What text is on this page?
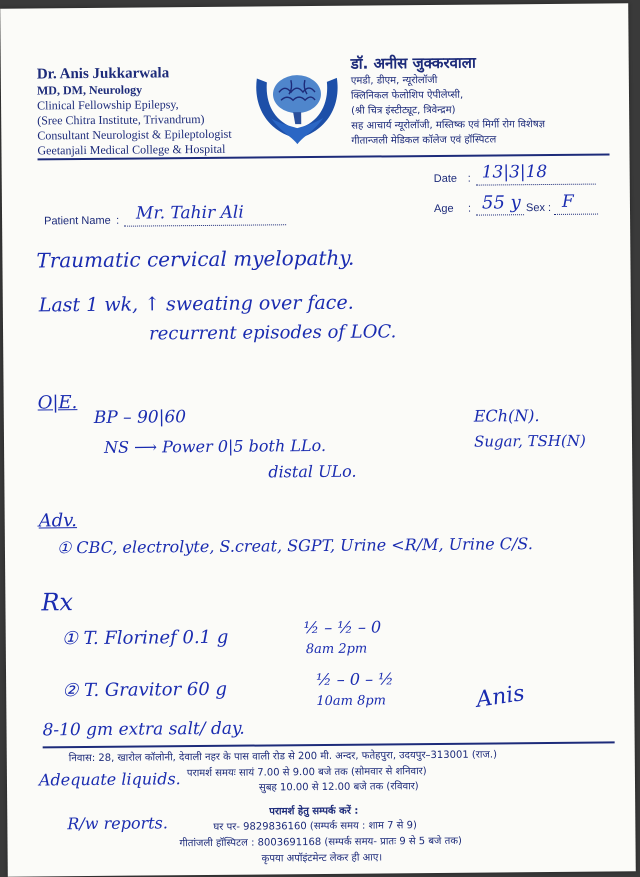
Dr. Anis Jukkarwala
MD, DM, Neurology
Clinical Fellowship Epilepsy,
(Sree Chitra Institute, Trivandrum)
Consultant Neurologist & Epileptologist
Geetanjali Medical College & Hospital
डॉ. अनीस जुक्करवाला
एमडी, डीएम, न्यूरोलॉजी
क्लिनिकल फेलोशिप ऐपीलेप्सी,
(श्री चित्र इंस्टीट्यूट, त्रिवेन्द्रम)
सह आचार्य न्यूरोलॉजी, मस्तिष्क एवं मिर्गी रोग विशेषज्ञ
गीतान्जली मेडिकल कॉलेज एवं हॉस्पिटल
Date : 13|3|18
Patient Name : Mr. Tahir Ali	Age : 55 y Sex : F
Traumatic cervical myelopathy.
Last 1 wk, ↑ sweating over face.
recurrent episodes of LOC.
O|E.
BP – 90|60
NS ⟶ Power 0|5 both LLo.
distal ULo.
ECh(N).
Sugar, TSH(N)
Adv.
① CBC, electrolyte, S.creat, SGPT, Urine <R/M, Urine C/S.
Rx
① T. Florinef 0.1 g	½ – ½ – 0
8am 2pm
② T. Gravitor 60 g	½ – 0 – ½
10am 8pm	Anis
8-10 gm extra salt/ day.
निवास: 28, खारोल कॉलोनी, देवाली नहर के पास वाली रोड से 200 मी. अन्दर, फतेहपुरा, उदयपुर–313001 (राज.)
Adequate liquids. परामर्श समयः सायं 7.00 से 9.00 बजे तक (सोमवार से शनिवार)
सुबह 10.00 से 12.00 बजे तक (रविवार)
परामर्श हेतु सम्पर्क करें :
R/w reports.	घर पर- 9829836160 (सम्पर्क समय : शाम 7 से 9)
गीतांजली हॉस्पिटल : 8003691168 (सम्पर्क समय- प्रातः 9 से 5 बजे तक)
कृपया अपॉइंटमेन्ट लेकर ही आए।
